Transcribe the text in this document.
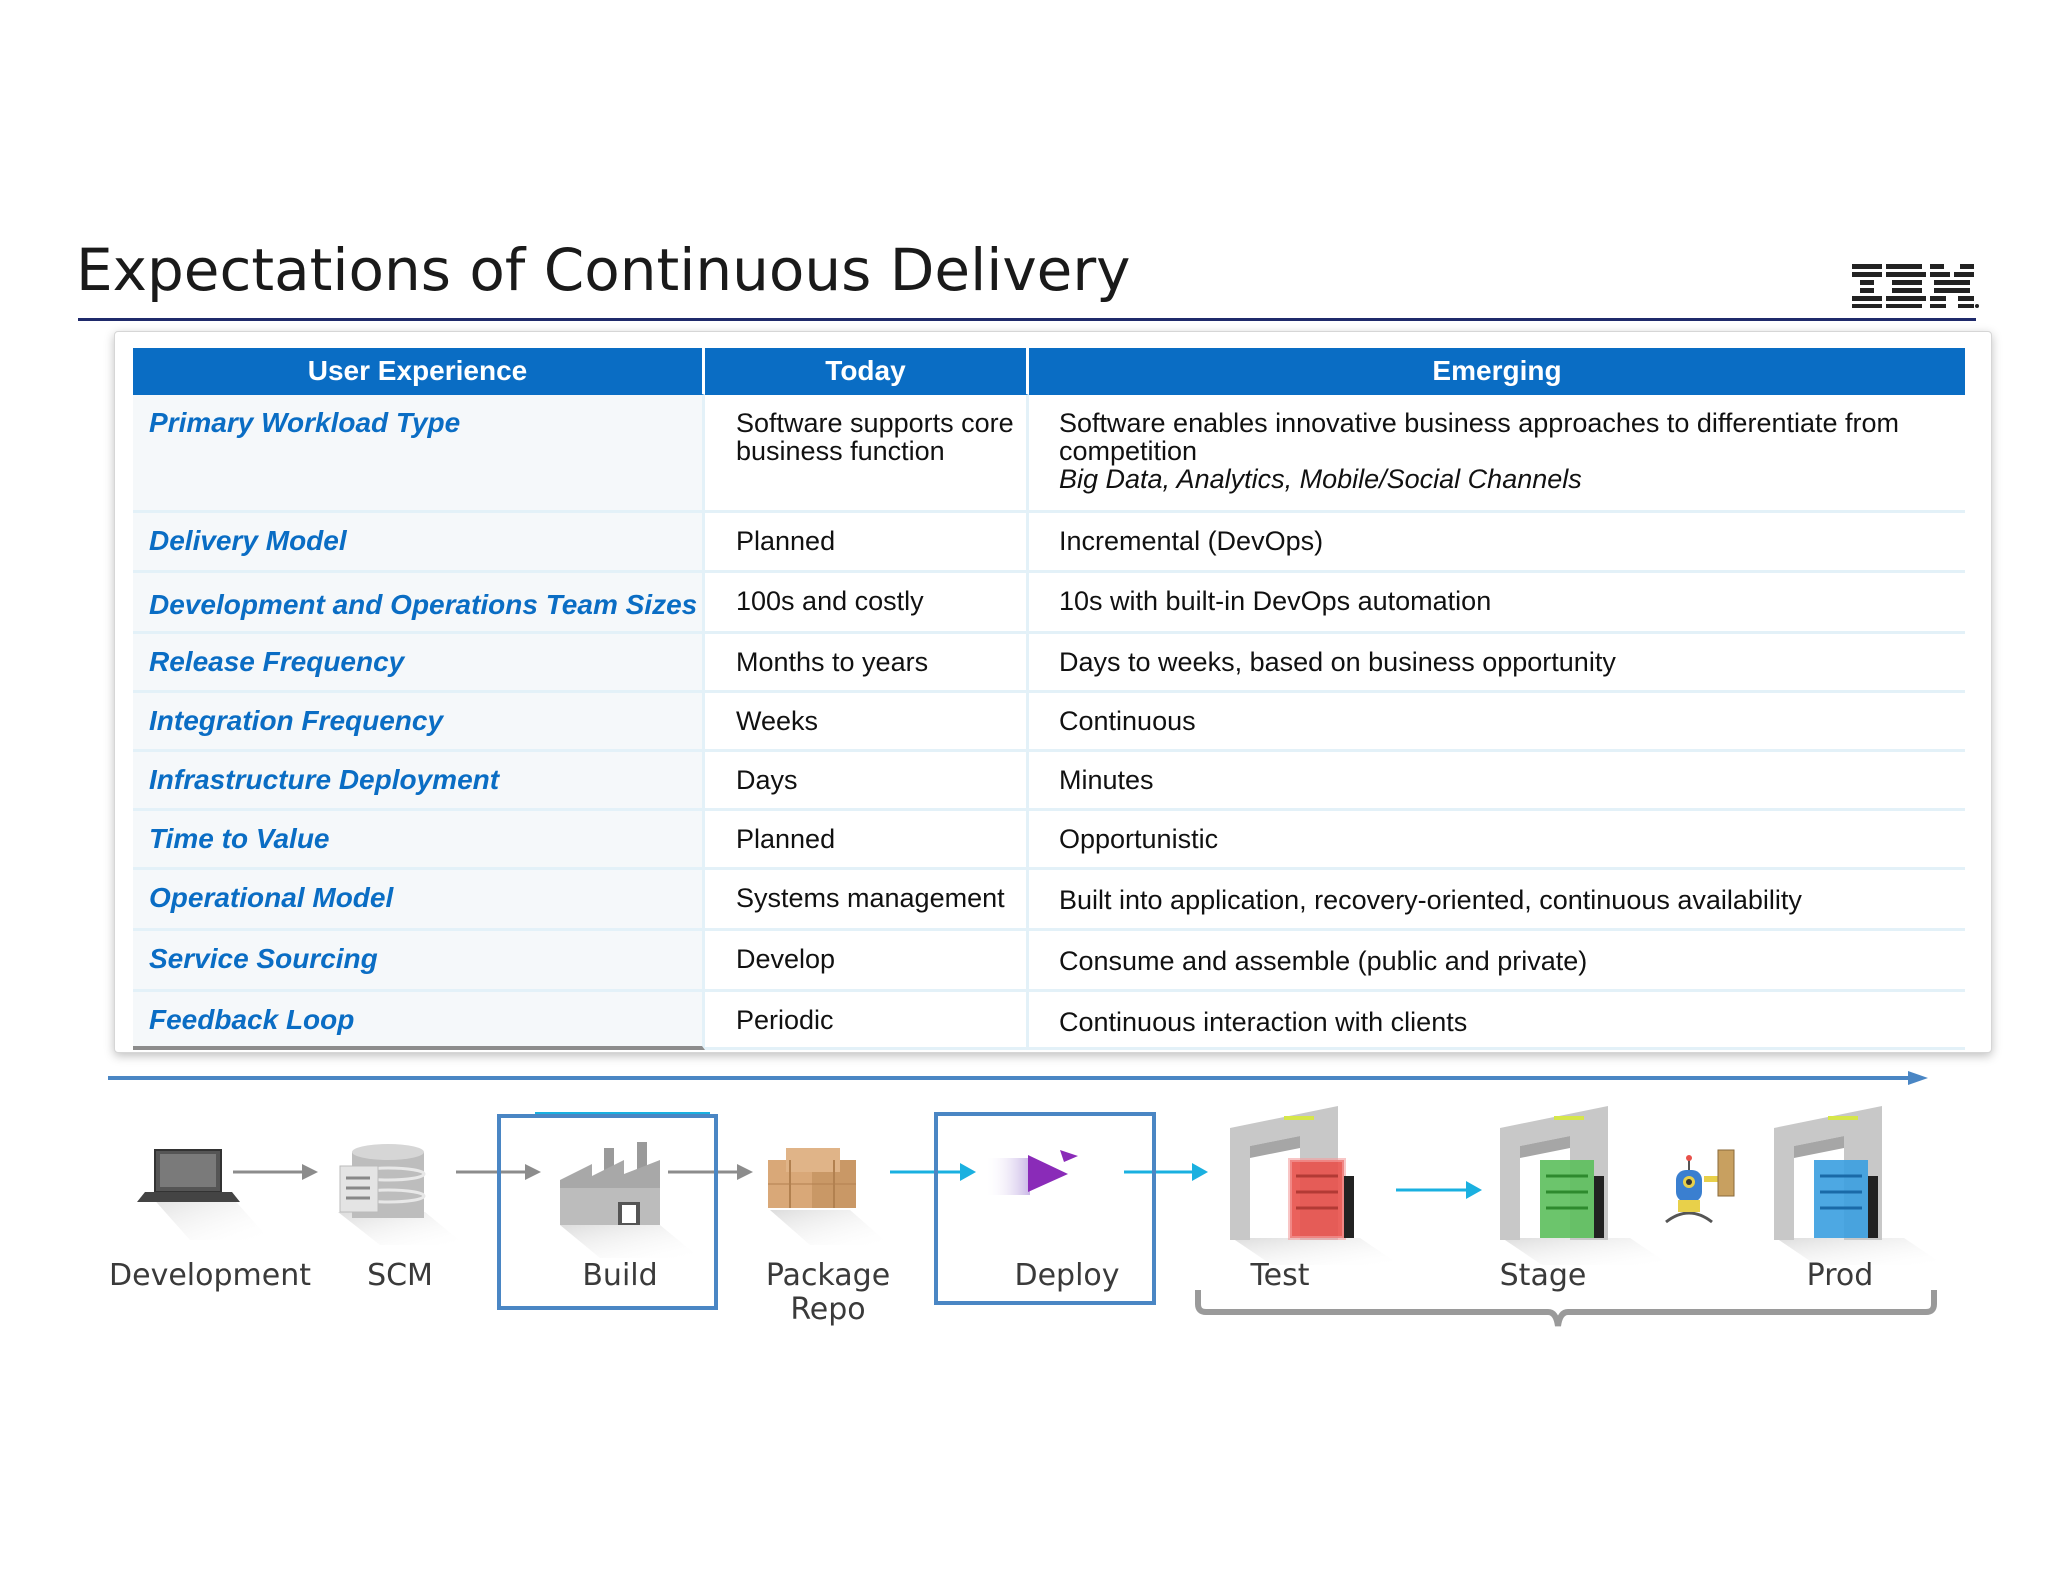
Expectations of Continuous Delivery
User Experience	Today	Emerging
Primary Workload Type	Software supports core business function	Software enables innovative business approaches to differentiate from competition
Big Data, Analytics, Mobile/Social Channels

Delivery Model	Planned	Incremental (DevOps)
Development and Operations Team Sizes	100s and costly	10s with built-in DevOps automation
Release Frequency	Months to years	Days to weeks, based on business opportunity
Integration Frequency	Weeks	Continuous
Infrastructure Deployment	Days	Minutes
Time to Value	Planned	Opportunistic
Operational Model	Systems management	Built into application, recovery-oriented, continuous availability
Service Sourcing	Develop	Consume and assemble (public and private)
Feedback Loop	Periodic	Continuous interaction with clients
Development	SCM	Build	Package
Repo
Deploy	Test	Stage	Prod
